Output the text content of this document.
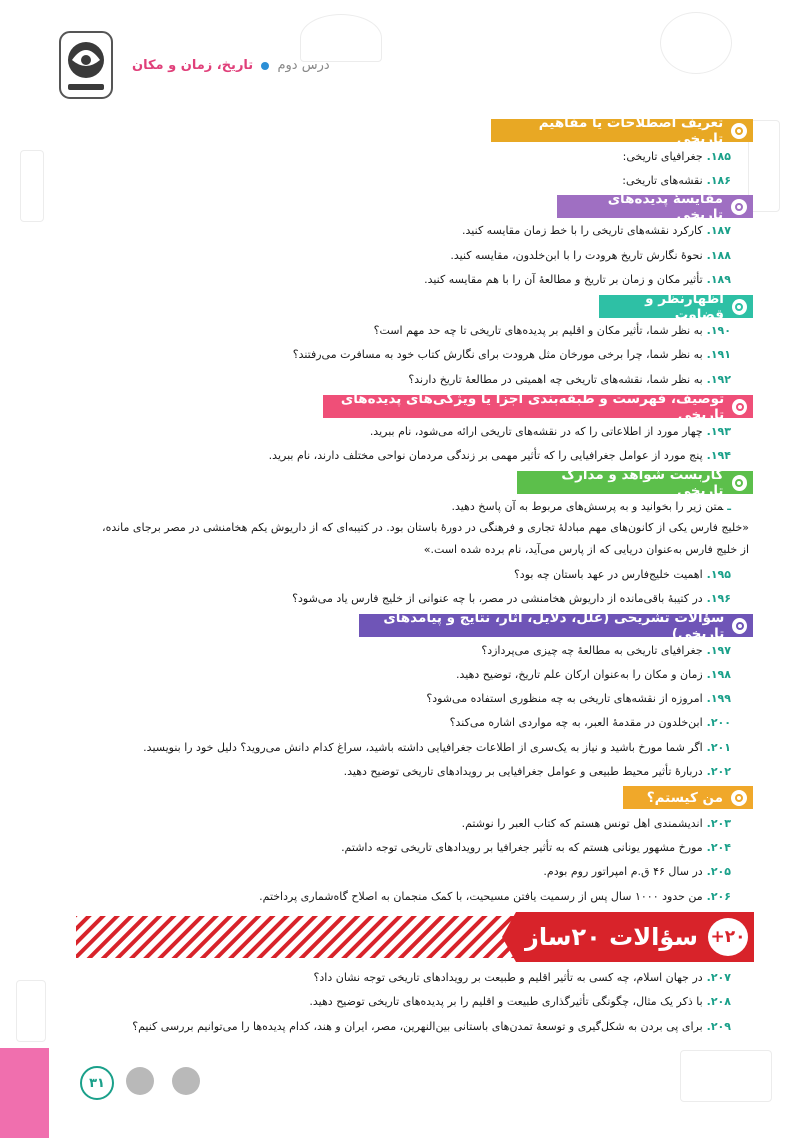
درس دوم  تاریخ، زمان و مکان
تعریف اصطلاحات یا مفاهیم تاریخی
مقایسهٔ پدیده‌های تاریخی
اظهارنظر و قضاوت
توصیف، فهرست و طبقه‌بندی اجزا یا ویژگی‌های پدیده‌های تاریخی
کاربست شواهد و مدارک تاریخی
سؤالات تشریحی (علل، دلایل، آثار، نتایج و پیامدهای تاریخی)
من کیستم؟
۱۸۵.جغرافیای تاریخی:
۱۸۶.نقشه‌های تاریخی:
۱۸۷.کارکرد نقشه‌های تاریخی را با خط زمان مقایسه کنید.
۱۸۸.نحوهٔ نگارش تاریخ هرودت را با ابن‌خلدون، مقایسه کنید.
۱۸۹.تأثیر مکان و زمان بر تاریخ و مطالعهٔ آن را با هم مقایسه کنید.
۱۹۰.به نظر شما، تأثیر مکان و اقلیم بر پدیده‌های تاریخی تا چه حد مهم است؟
۱۹۱.به نظر شما، چرا برخی مورخان مثل هرودت برای نگارش کتاب خود به مسافرت می‌رفتند؟
۱۹۲.به نظر شما، نقشه‌های تاریخی چه اهمیتی در مطالعهٔ تاریخ دارند؟
۱۹۳.چهار مورد از اطلاعاتی را که در نقشه‌های تاریخی ارائه می‌شود، نام ببرید.
۱۹۴.پنج مورد از عوامل جغرافیایی را که تأثیر مهمی بر زندگی مردمان نواحی مختلف دارند، نام ببرید.
ـمتن زیر را بخوانید و به پرسش‌های مربوط به آن پاسخ دهید.
«خلیج فارس یکی از کانون‌های مهم مبادلهٔ تجاری و فرهنگی در دورهٔ باستان بود. در کتیبه‌ای که از داریوش یکم هخامنشی در مصر برجای مانده،
از خلیج فارس به‌عنوان دریایی که از پارس می‌آید، نام برده شده است.»
۱۹۵.اهمیت خلیج‌فارس در عهد باستان چه بود؟
۱۹۶.در کتیبهٔ باقی‌مانده از داریوش هخامنشی در مصر، با چه عنوانی از خلیج فارس یاد می‌شود؟
۱۹۷.جغرافیای تاریخی به مطالعهٔ چه چیزی می‌پردازد؟
۱۹۸.زمان و مکان را به‌عنوان ارکان علم تاریخ، توضیح دهید.
۱۹۹.امروزه از نقشه‌های تاریخی به چه منظوری استفاده می‌شود؟
۲۰۰.ابن‌خلدون در مقدمهٔ العبر، به چه مواردی اشاره می‌کند؟
۲۰۱.اگر شما مورخ باشید و نیاز به یک‌سری از اطلاعات جغرافیایی داشته باشید، سراغ کدام دانش می‌روید؟ دلیل خود را بنویسید.
۲۰۲.دربارهٔ تأثیر محیط طبیعی و عوامل جغرافیایی بر رویدادهای تاریخی توضیح دهید.
۲۰۳.اندیشمندی اهل تونس هستم که کتاب العبر را نوشتم.
۲۰۴.مورخ مشهور یونانی هستم که به تأثیر جغرافیا بر رویدادهای تاریخی توجه داشتم.
۲۰۵.در سال ۴۶ ق.م امپراتور روم بودم.
۲۰۶.من حدود ۱۰۰۰ سال پس از رسمیت یافتن مسیحیت، با کمک منجمان به اصلاح گاه‌شماری پرداختم.
+۲۰
سؤالات ۲۰ساز
۲۰۷.در جهان اسلام، چه کسی به تأثیر اقلیم و طبیعت بر رویدادهای تاریخی توجه نشان داد؟
۲۰۸.با ذکر یک مثال، چگونگی تأثیرگذاری طبیعت و اقلیم را بر پدیده‌های تاریخی توضیح دهید.
۲۰۹.برای پی بردن به شکل‌گیری و توسعهٔ تمدن‌های باستانی بین‌النهرین، مصر، ایران و هند، کدام پدیده‌ها را می‌توانیم بررسی کنیم؟
۳۱
